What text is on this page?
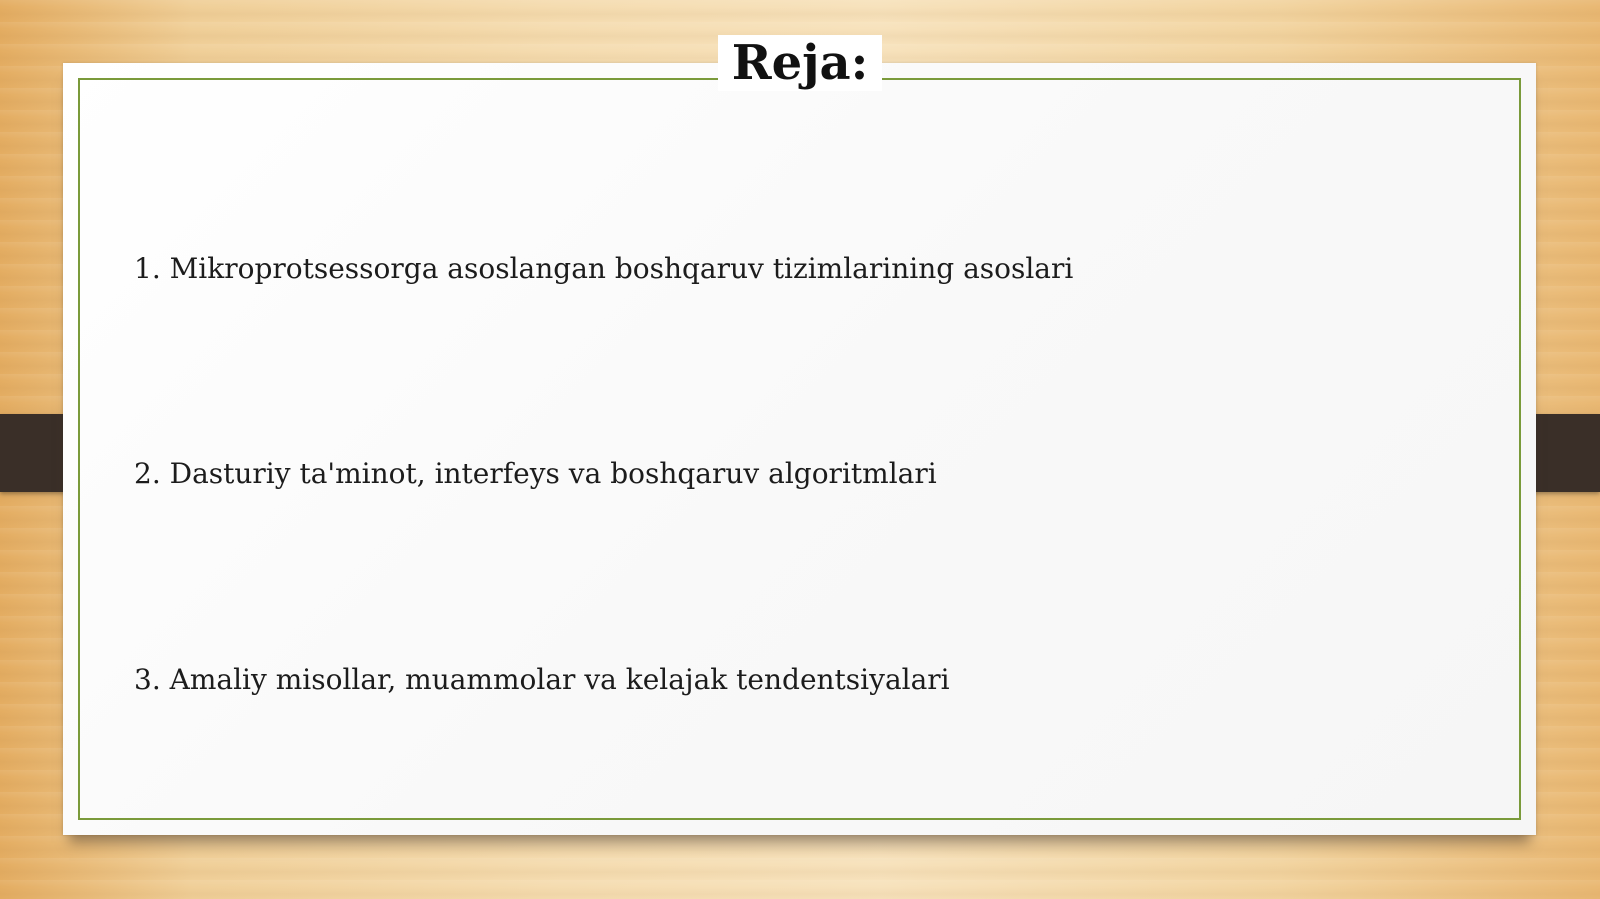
Reja:

1. Mikroprotsessorga asoslangan boshqaruv tizimlarining asoslari

2. Dasturiy ta'minot, interfeys va boshqaruv algoritmlari

3. Amaliy misollar, muammolar va kelajak tendentsiyalari
